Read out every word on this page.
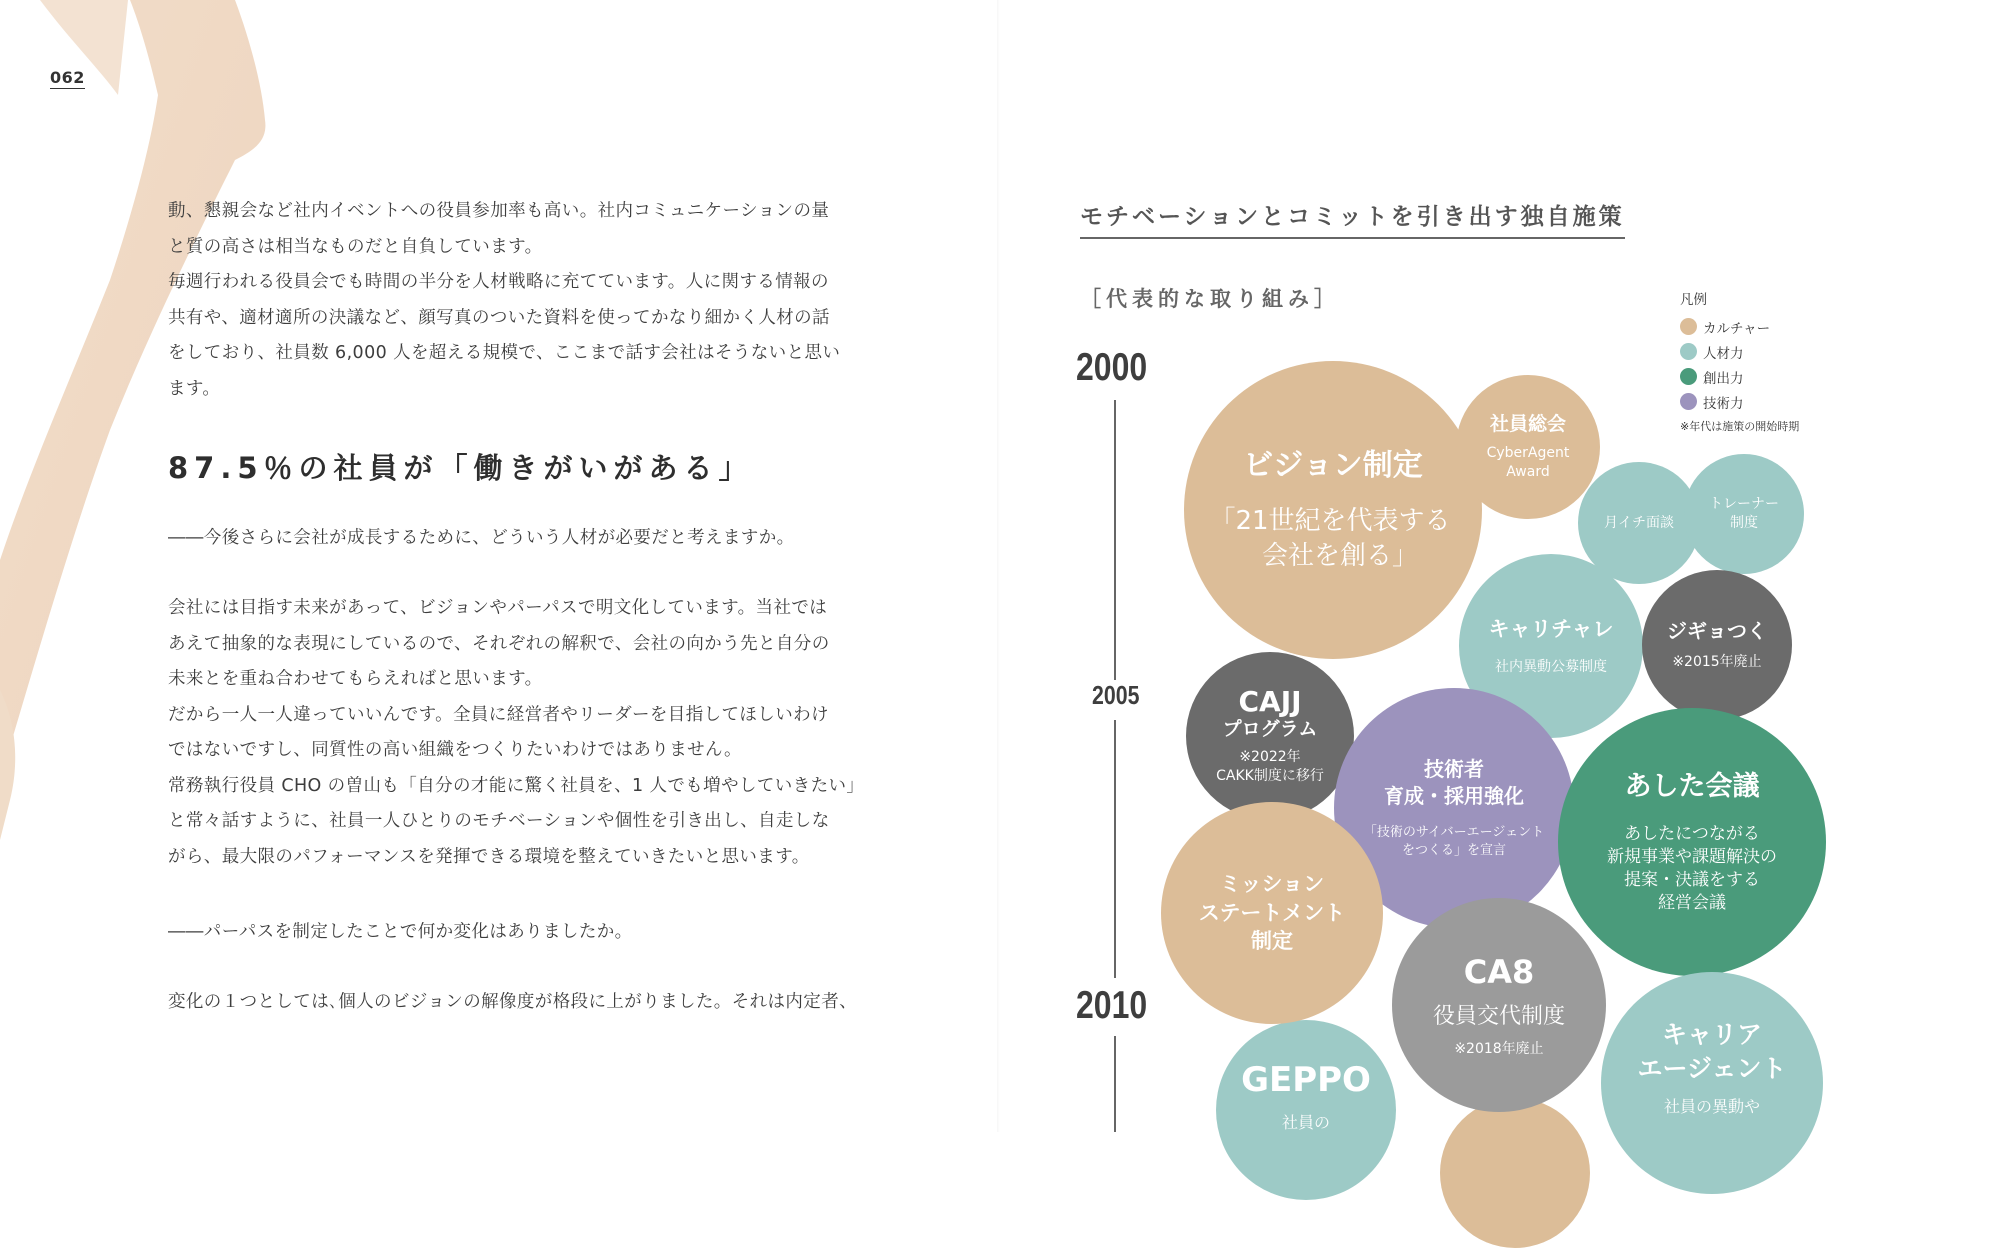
062
動、懇親会など社内イベントへの役員参加率も高い。社内コミュニケーションの量
と質の高さは相当なものだと自負しています。
毎週行われる役員会でも時間の半分を人材戦略に充てています。人に関する情報の
共有や、適材適所の決議など、顔写真のついた資料を使ってかなり細かく人材の話
をしており、社員数 6,000 人を超える規模で、ここまで話す会社はそうないと思い
ます。
87.5％の社員が「働きがいがある」
――今後さらに会社が成長するために、どういう人材が必要だと考えますか。
会社には目指す未来があって、ビジョンやパーパスで明文化しています。当社では
あえて抽象的な表現にしているので、それぞれの解釈で、会社の向かう先と自分の
未来とを重ね合わせてもらえればと思います。
だから一人一人違っていいんです。全員に経営者やリーダーを目指してほしいわけ
ではないですし、同質性の高い組織をつくりたいわけではありません。
常務執行役員 CHO の曽山も「自分の才能に驚く社員を、1 人でも増やしていきたい」
と常々話すように、社員一人ひとりのモチベーションや個性を引き出し、自走しな
がら、最大限のパフォーマンスを発揮できる環境を整えていきたいと思います。
――パーパスを制定したことで何か変化はありましたか。
変化の１つとしては､個人のビジョンの解像度が格段に上がりました。それは内定者、
モチベーションとコミットを引き出す独自施策
［代表的な取り組み］
2000
2005
2010
凡例
カルチャー
人材力
創出力
技術力
※年代は施策の開始時期
GEPPO
社員の
ビジョン制定
「21世紀を代表する
会社を創る」
社員総会
CyberAgent
Award
月イチ面談
トレーナー
制度
キャリチャレ
社内異動公募制度
ジギョつく
※2015年廃止
CAJJ
プログラム
※2022年
CAKK制度に移行	技術者
育成・採用強化
「技術のサイバーエージェント
をつくる」を宣言
あした会議
あしたにつながる
新規事業や課題解決の
提案・決議をする
経営会議
CA8
役員交代制度
※2018年廃止
ミッション
ステートメント
制定
キャリア
エージェント
社員の異動や
